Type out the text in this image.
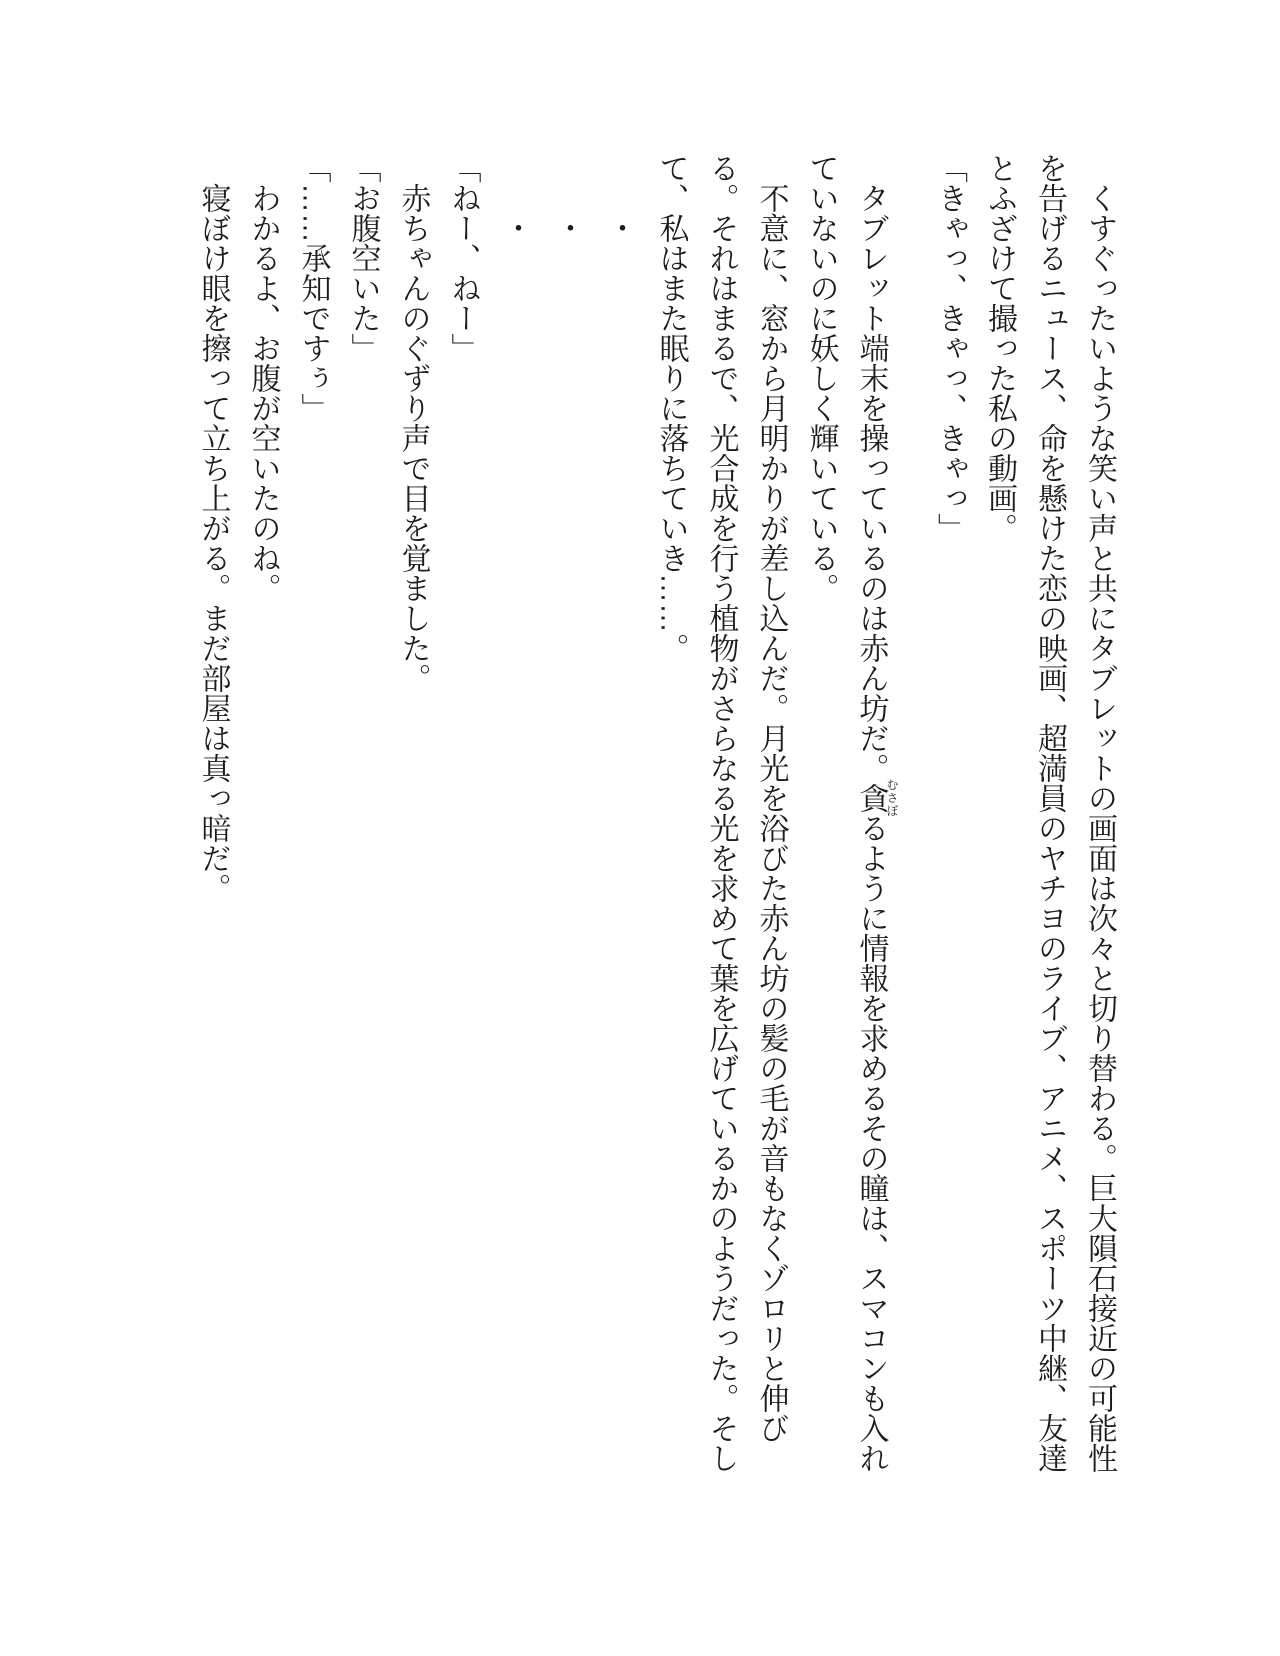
　くすぐったいような笑い声と共にタブレットの画面は次々と切り替わる。巨大隕石接近の可能性を告げるニュース、命を懸けた恋の映画、超満員のヤチヨのライブ、アニメ、スポーツ中継、友達とふざけて撮った私の動画。

「きゃっ、きゃっ、きゃっ」

　タブレット端末を操っているのは赤ん坊だ。貪むさぼるように情報を求めるその瞳は、スマコンも入れていないのに妖しく輝いている。

　不意に、窓から月明かりが差し込んだ。月光を浴びた赤ん坊の髪の毛が音もなくゾロリと伸びる。それはまるで、光合成を行う植物がさらなる光を求めて葉を広げているかのようだった。そして、私はまた眠りに落ちていき……。

　　・

　　・

　　・

「ねー、ねー」

　赤ちゃんのぐずり声で目を覚ました。

「お腹空いた」

「……承知ですぅ」

　わかるよ、お腹が空いたのね。

　寝ぼけ眼を擦って立ち上がる。まだ部屋は真っ暗だ。
